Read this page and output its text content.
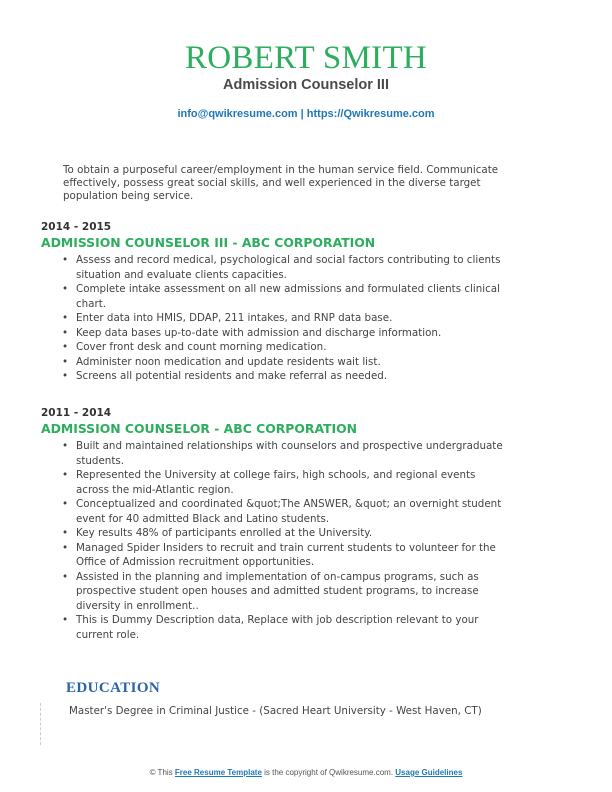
ROBERT SMITH
Admission Counselor III
info@qwikresume.com | https://Qwikresume.com
To obtain a purposeful career/employment in the human service field. Communicate effectively, possess great social skills, and well experienced in the diverse target population being service.
2014 - 2015
ADMISSION COUNSELOR III - ABC CORPORATION
• Assess and record medical, psychological and social factors contributing to clients situation and evaluate clients capacities.
• Complete intake assessment on all new admissions and formulated clients clinical chart.
• Enter data into HMIS, DDAP, 211 intakes, and RNP data base.
• Keep data bases up-to-date with admission and discharge information.
• Cover front desk and count morning medication.
• Administer noon medication and update residents wait list.
• Screens all potential residents and make referral as needed.
2011 - 2014
ADMISSION COUNSELOR - ABC CORPORATION
• Built and maintained relationships with counselors and prospective undergraduate students.
• Represented the University at college fairs, high schools, and regional events across the mid-Atlantic region.
• Conceptualized and coordinated &quot;The ANSWER, &quot; an overnight student event for 40 admitted Black and Latino students.
• Key results 48% of participants enrolled at the University.
• Managed Spider Insiders to recruit and train current students to volunteer for the Office of Admission recruitment opportunities.
• Assisted in the planning and implementation of on-campus programs, such as prospective student open houses and admitted student programs, to increase diversity in enrollment..
• This is Dummy Description data, Replace with job description relevant to your current role.
EDUCATION
Master's Degree in Criminal Justice - (Sacred Heart University - West Haven, CT)
© This Free Resume Template is the copyright of Qwikresume.com. Usage Guidelines
